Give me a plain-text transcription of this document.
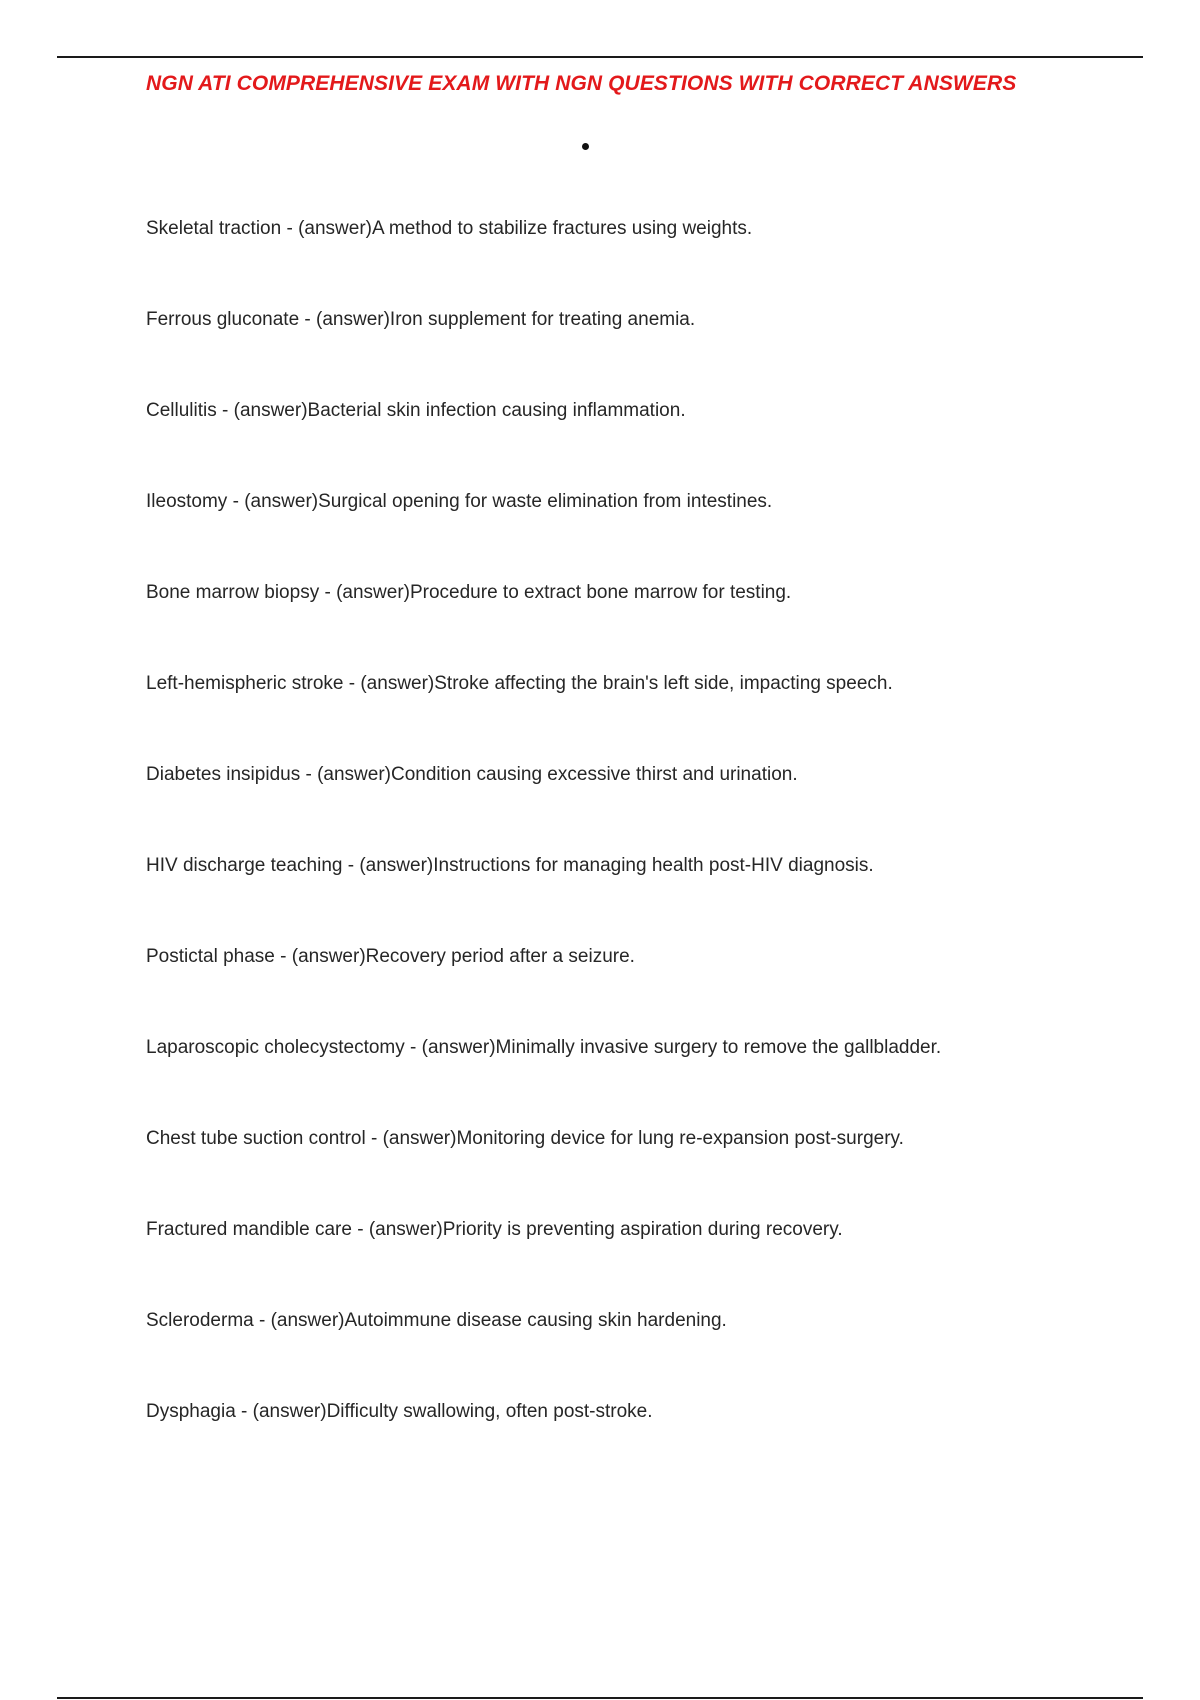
NGN ATI COMPREHENSIVE EXAM WITH NGN QUESTIONS WITH CORRECT ANSWERS
Skeletal traction - (answer)A method to stabilize fractures using weights.
Ferrous gluconate - (answer)Iron supplement for treating anemia.
Cellulitis - (answer)Bacterial skin infection causing inflammation.
Ileostomy - (answer)Surgical opening for waste elimination from intestines.
Bone marrow biopsy - (answer)Procedure to extract bone marrow for testing.
Left-hemispheric stroke - (answer)Stroke affecting the brain's left side, impacting speech.
Diabetes insipidus - (answer)Condition causing excessive thirst and urination.
HIV discharge teaching - (answer)Instructions for managing health post-HIV diagnosis.
Postictal phase - (answer)Recovery period after a seizure.
Laparoscopic cholecystectomy - (answer)Minimally invasive surgery to remove the gallbladder.
Chest tube suction control - (answer)Monitoring device for lung re-expansion post-surgery.
Fractured mandible care - (answer)Priority is preventing aspiration during recovery.
Scleroderma - (answer)Autoimmune disease causing skin hardening.
Dysphagia - (answer)Difficulty swallowing, often post-stroke.
